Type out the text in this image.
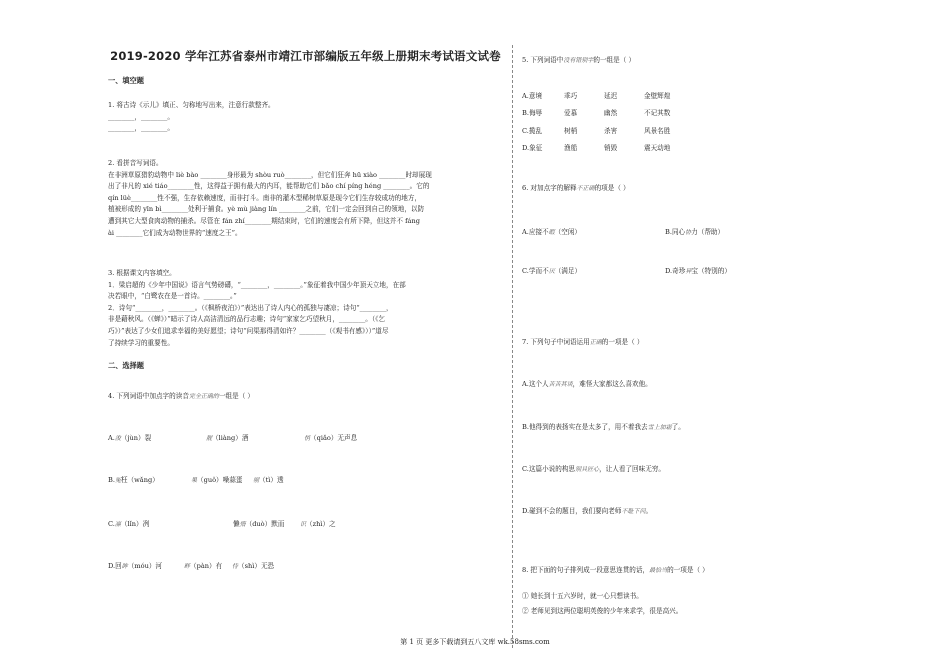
2019-2020 学年江苏省泰州市靖江市部编版五年级上册期末考试语文试卷

一、填空题

1. 将古诗《示儿》填正、匀称地写出来，注意行款整齐。

________，________。

________，________。

2. 看拼音写词语。

在非洲草原猎豹动物中 liè bào ________身形最为 shòu ruò________，但它们狂奔 hū xiào ________时却展现

出了非凡的 xié tiáo________性，这得益于拥有最大的内耳，能帮助它们 bǎo chí píng héng ________。它的

qín lüè________性不强，生存依赖速度，而非打斗。南非的灌木型稀树草原是现今它们生存较成功的地方，

植被形成的 yīn bì________处利于捕食。yè mù jiàng lín ________之前，它们一定会回到自己的领地，以防

遭到其它大型食肉动物的捕杀。尽管在 fán zhí________期结束时，它们的速度会有所下降，但这并不 fáng

ài ________它们成为动物世界的“速度之王”。

3. 根据课文内容填空。

1．梁启超的《少年中国说》语言气势磅礴，“________，________。”象征着我中国少年顶天立地，在部

决若眼中，“白鹭农在是一首诗。________。”

2．诗句“________，________。（《枫桥夜泊》）”表达出了诗人内心的孤独与凄凉；诗句“________，

非是藉秋风。（《蝉》）”暗示了诗人高洁清远的品行志趣；诗句“家家乞巧望秋月，________。（《乞

巧》）”表达了少女们追求幸福的美好愿望；诗句“问渠那得清如许？________（《观书有感》））”道尽

了持续学习的重要性。

二、选择题

4. 下列词语中加点字的读音完全正确的一组是（ ）

A.浚（jùn）裂	靓（liàng）酒	悄（qiǎo）无声息
B.冤枉（wǎng）	果（guǒ）噪蒜蛋 剔（tì）透
C.凛（lǐn）冽	懒惰（duò）默而	识（zhì）之
D.回眸（móu）河	畔（pàn）有 恃（shì）无恐

5. 下列词语中没有错别字的一组是（ ）

A.意境	乖巧	延迟	金壁辉煌
B.侮辱	爱慕	幽然	不记其数
C.揽乱	树梢	杀害	风景名胜
D.象征	渔船	销毁	震天动地

6. 对加点字的解释不正确的项是（ ）

A.应接不暇（空闲）	B.同心协力（帮助）
C.学而不厌（满足）	D.奇珍异宝（特别的）

7. 下列句子中词语运用正确的一项是（ ）

A.这个人苦苦其谈，难怪大家都这么喜欢他。
B.他得到的表扬实在是太多了，用不着我去雪上加霜了。
C.这篇小说的构思别具匠心，让人看了回味无穷。
D.碰到不会的题目，我们要向老师不耻下问。

8. 把下面的句子排列成一段意思连贯的话，最恰当的一项是（ ）

① 她长到十五六岁时，就一心只想读书。

② 老师见到这两位聪明英俊的少年来求学，很是高兴。

第 1 页 更多下载请到五八文库 wk.58sms.com
